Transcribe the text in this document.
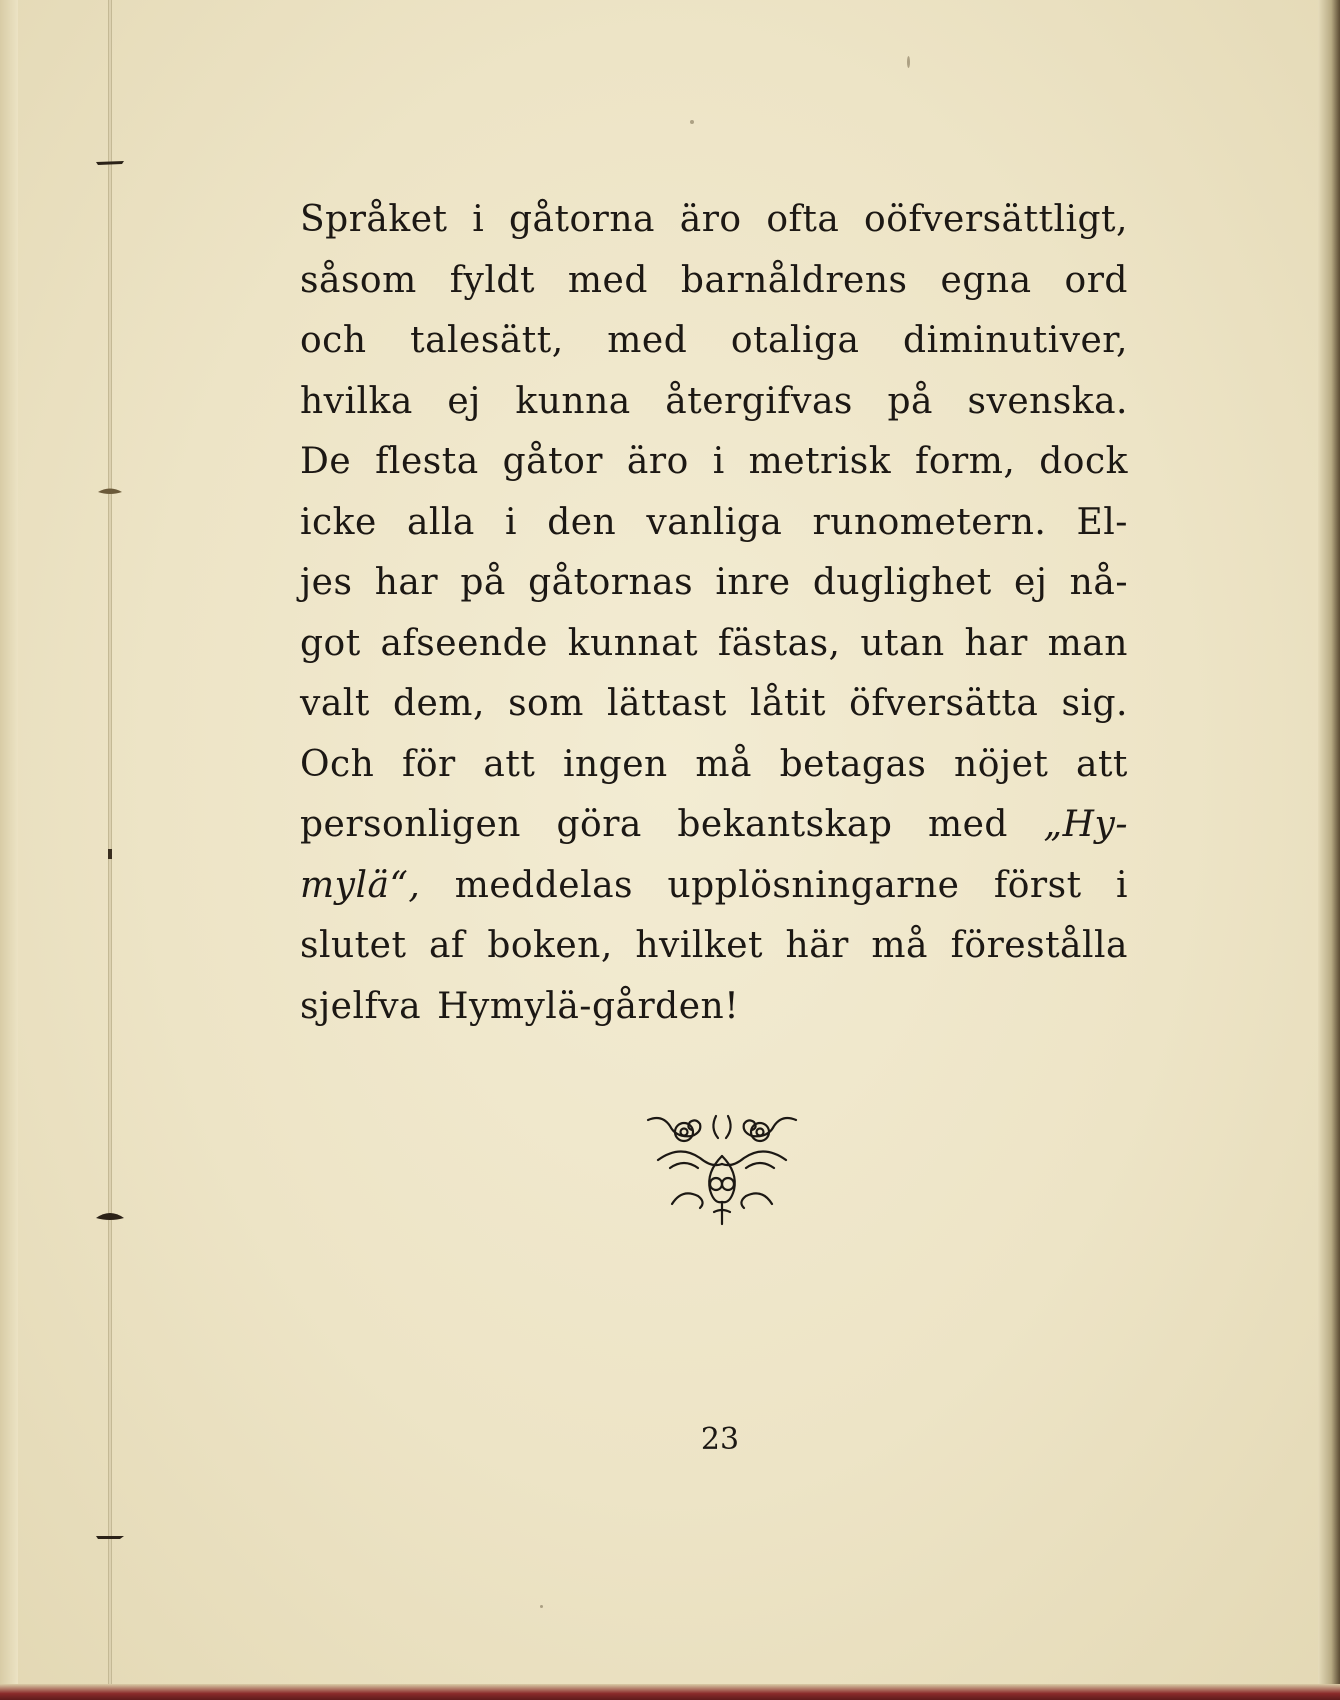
Språket i gåtorna äro ofta oöfversättligt,
såsom fyldt med barnåldrens egna ord
och talesätt, med otaliga diminutiver,
hvilka ej kunna återgifvas på svenska.
De flesta gåtor äro i metrisk form, dock
icke alla i den vanliga runometern. El-
jes har på gåtornas inre duglighet ej nå-
got afseende kunnat fästas, utan har man
valt dem, som lättast låtit öfversätta sig.
Och för att ingen må betagas nöjet att
personligen göra bekantskap med „Hy-
mylä“, meddelas upplösningarne först i
slutet af boken, hvilket här må förestålla
sjelfva Hymylä-gården!
23
